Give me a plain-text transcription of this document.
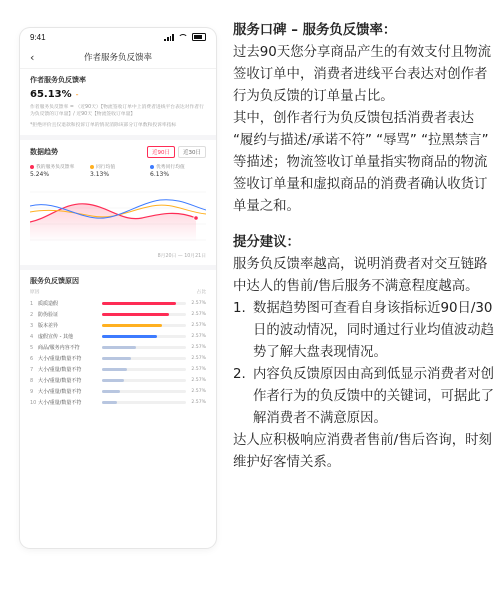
9:41
‹	作者服务负反馈率
作者服务负反馈率
65.13% -
作者服务负反馈率 = （近90天）【物流签收订单中上消费者进线平台表达对作者行为负反馈的订单量】/ 近90天【物流签收订单量】
*拒绝评价且仅退款和投诉订单的情况消除该部分订单数和投诉率指标
数据趋势	近90日	近30日
我的服务负反馈率
5.24%
同行均值
3.13%
优秀同行均值
6.13%
8月20日 — 10月21日
服务负反馈原因
原因	占比
1 质质造假	2.57%
2 防伪验证	2.57%
3 版本差异	2.57%
4 虚假宣传 - 其他	2.57%
5 商品/服务内容不符	2.57%
6 大小/重量/数量不符	2.57%
7 大小/重量/数量不符	2.57%
8 大小/重量/数量不符	2.57%
9 大小/重量/数量不符	2.57%
10 大小/重量/数量不符	2.57%

服务口碑 – 服务负反馈率：

过去90天您分享商品产生的有效支付且物流签收订单中，消费者进线平台表达对创作者行为负反馈的订单量占比。

其中，创作者行为负反馈包括消费者表达 “履约与描述/承诺不符” “辱骂” “拉黑禁言” 等描述；物流签收订单量指实物商品的物流签收订单量和虚拟商品的消费者确认收货订单量之和。

提分建议：

服务负反馈率越高，说明消费者对交互链路中达人的售前/售后服务不满意程度越高。

1. 数据趋势图可查看自身该指标近90日/30日的波动情况，同时通过行业均值波动趋势了解大盘表现情况。
2. 内容负反馈原因由高到低显示消费者对创作者行为的负反馈中的关键词，可据此了解消费者不满意原因。

达人应积极响应消费者售前/售后咨询，时刻维护好客情关系。
